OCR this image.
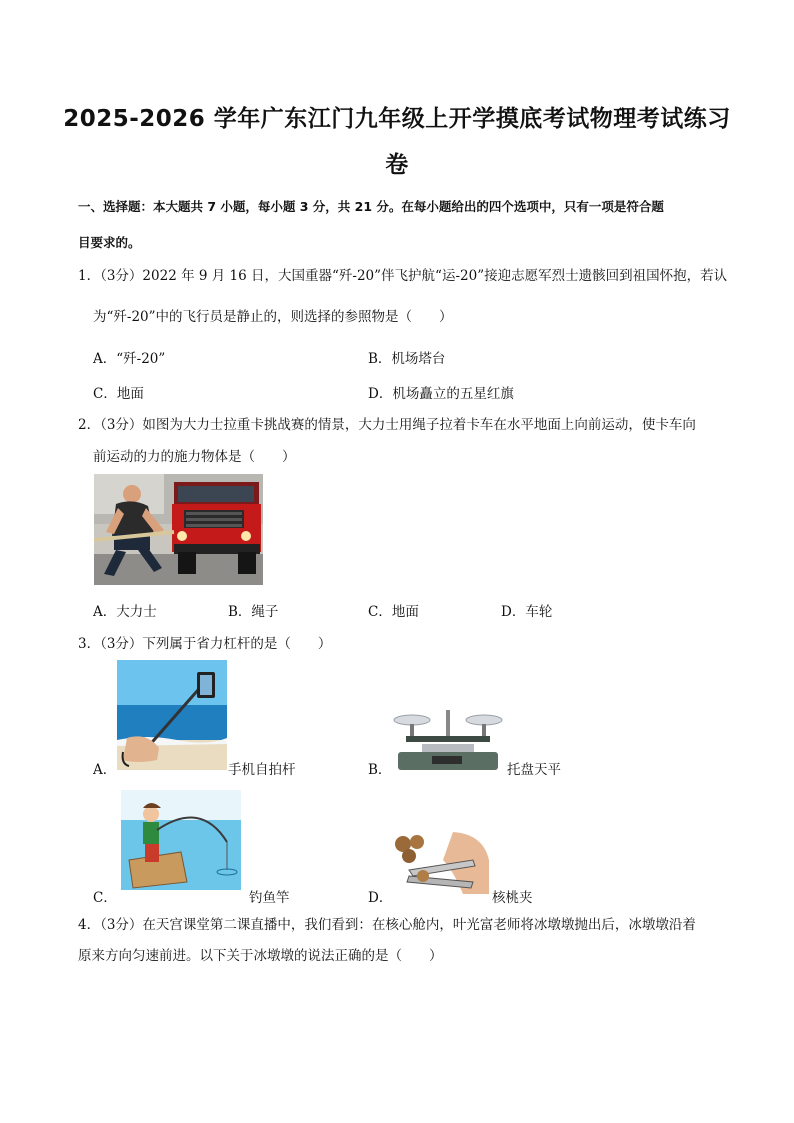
2025-2026 学年广东江门九年级上开学摸底考试物理考试练习
卷
一、选择题：本大题共 7 小题，每小题 3 分，共 21 分。在每小题给出的四个选项中，只有一项是符合题
目要求的。
1．（3分）2022 年 9 月 16 日，大国重器“歼-20”伴飞护航“运-20”接迎志愿军烈士遗骸回到祖国怀抱，若认
为“歼-20”中的飞行员是静止的，则选择的参照物是（　　）
A．“歼-20”	B．机场塔台
C．地面	D．机场矗立的五星红旗
2．（3分）如图为大力士拉重卡挑战赛的情景，大力士用绳子拉着卡车在水平地面上向前运动，使卡车向
前运动的力的施力物体是（　　）
A．大力士	B．绳子	C．地面	D．车轮
3．（3分）下列属于省力杠杆的是（　　）
A．	手机自拍杆	B．	托盘天平
C．	钓鱼竿	D．	核桃夹
4．（3分）在天宫课堂第二课直播中，我们看到：在核心舱内，叶光富老师将冰墩墩抛出后，冰墩墩沿着
原来方向匀速前进。以下关于冰墩墩的说法正确的是（　　）
